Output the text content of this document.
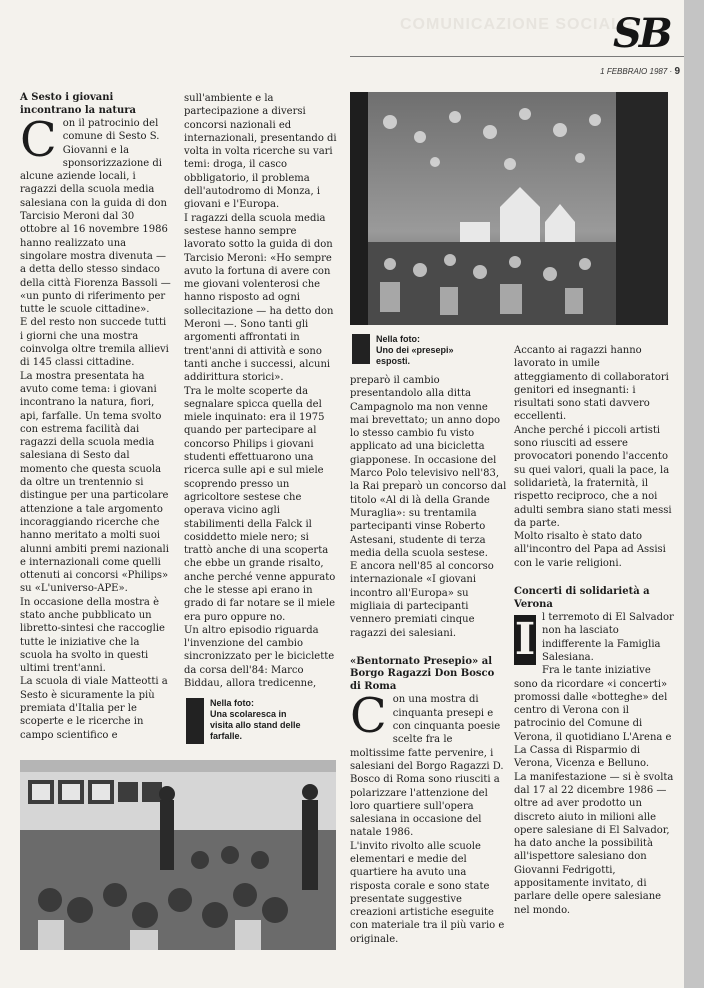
COMUNICAZIONE SOCIALE
SB
1 FEBBRAIO 1987 · 9

A Sesto i giovani incontrano la natura

Con il patrocinio del comune di Sesto S. Giovanni e la sponsorizzazione di alcune aziende locali, i ragazzi della scuola media salesiana con la guida di don Tarcisio Meroni dal 30 ottobre al 16 novembre 1986 hanno realizzato una singolare mostra divenuta — a detta dello stesso sindaco della città Fiorenza Bassoli — «un punto di riferimento per tutte le scuole cittadine».

E del resto non succede tutti i giorni che una mostra coinvolga oltre tremila allievi di 145 classi cittadine.

La mostra presentata ha avuto come tema: i giovani incontrano la natura, fiori, api, farfalle. Un tema svolto con estrema facilità dai ragazzi della scuola media salesiana di Sesto dal momento che questa scuola da oltre un trentennio si distingue per una particolare attenzione a tale argomento incoraggiando ricerche che hanno meritato a molti suoi alunni ambiti premi nazionali e internazionali come quelli ottenuti ai concorsi «Philips» su «L'universo-APE».

In occasione della mostra è stato anche pubblicato un libretto-sintesi che raccoglie tutte le iniziative che la scuola ha svolto in questi ultimi trent'anni.

La scuola di viale Matteotti a Sesto è sicuramente la più premiata d'Italia per le scoperte e le ricerche in campo scientifico e

sull'ambiente e la partecipazione a diversi concorsi nazionali ed internazionali, presentando di volta in volta ricerche su vari temi: droga, il casco obbligatorio, il problema dell'autodromo di Monza, i giovani e l'Europa.

I ragazzi della scuola media sestese hanno sempre lavorato sotto la guida di don Tarcisio Meroni: «Ho sempre avuto la fortuna di avere con me giovani volenterosi che hanno risposto ad ogni sollecitazione — ha detto don Meroni —. Sono tanti gli argomenti affrontati in trent'anni di attività e sono tanti anche i successi, alcuni addirittura storici».

Tra le molte scoperte da segnalare spicca quella del miele inquinato: era il 1975 quando per partecipare al concorso Philips i giovani studenti effettuarono una ricerca sulle api e sul miele scoprendo presso un agricoltore sestese che operava vicino agli stabilimenti della Falck il cosiddetto miele nero; si trattò anche di una scoperta che ebbe un grande risalto, anche perché venne appurato che le stesse api erano in grado di far notare se il miele era puro oppure no.

Un altro episodio riguarda l'invenzione del cambio sincronizzato per le biciclette da corsa dell'84: Marco Biddau, allora tredicenne,

Nella foto:
Uno dei «presepi»
esposti.

preparò il cambio presentandolo alla ditta Campagnolo ma non venne mai brevettato; un anno dopo lo stesso cambio fu visto applicato ad una bicicletta giapponese. In occasione del Marco Polo televisivo nell'83, la Rai preparò un concorso dal titolo «Al di là della Grande Muraglia»: su trentamila partecipanti vinse Roberto Astesani, studente di terza media della scuola sestese.

E ancora nell'85 al concorso internazionale «I giovani incontro all'Europa» su migliaia di partecipanti vennero premiati cinque ragazzi dei salesiani.

«Bentornato Presepio» al Borgo Ragazzi Don Bosco di Roma

Con una mostra di cinquanta presepi e con cinquanta poesie scelte fra le moltissime fatte pervenire, i salesiani del Borgo Ragazzi D. Bosco di Roma sono riusciti a polarizzare l'attenzione del loro quartiere sull'opera salesiana in occasione del natale 1986.

L'invito rivolto alle scuole elementari e medie del quartiere ha avuto una risposta corale e sono state presentate suggestive creazioni artistiche eseguite con materiale tra il più vario e originale.

Accanto ai ragazzi hanno lavorato in umile atteggiamento di collaboratori genitori ed insegnanti: i risultati sono stati davvero eccellenti.

Anche perché i piccoli artisti sono riusciti ad essere provocatori ponendo l'accento su quei valori, quali la pace, la solidarietà, la fraternità, il rispetto reciproco, che a noi adulti sembra siano stati messi da parte.

Molto risalto è stato dato all'incontro del Papa ad Assisi con le varie religioni.

Concerti di solidarietà a Verona

I l terremoto di El Salvador non ha lasciato indifferente la Famiglia Salesiana.

Fra le tante iniziative sono da ricordare «i concerti» promossi dalle «botteghe» del centro di Verona con il patrocinio del Comune di Verona, il quotidiano L'Arena e La Cassa di Risparmio di Verona, Vicenza e Belluno.

La manifestazione — si è svolta dal 17 al 22 dicembre 1986 — oltre ad aver prodotto un discreto aiuto in milioni alle opere salesiane di El Salvador, ha dato anche la possibilità all'ispettore salesiano don Giovanni Fedrigotti, appositamente invitato, di parlare delle opere salesiane nel mondo.

Nella foto:
Una scolaresca in
visita allo stand delle
farfalle.
